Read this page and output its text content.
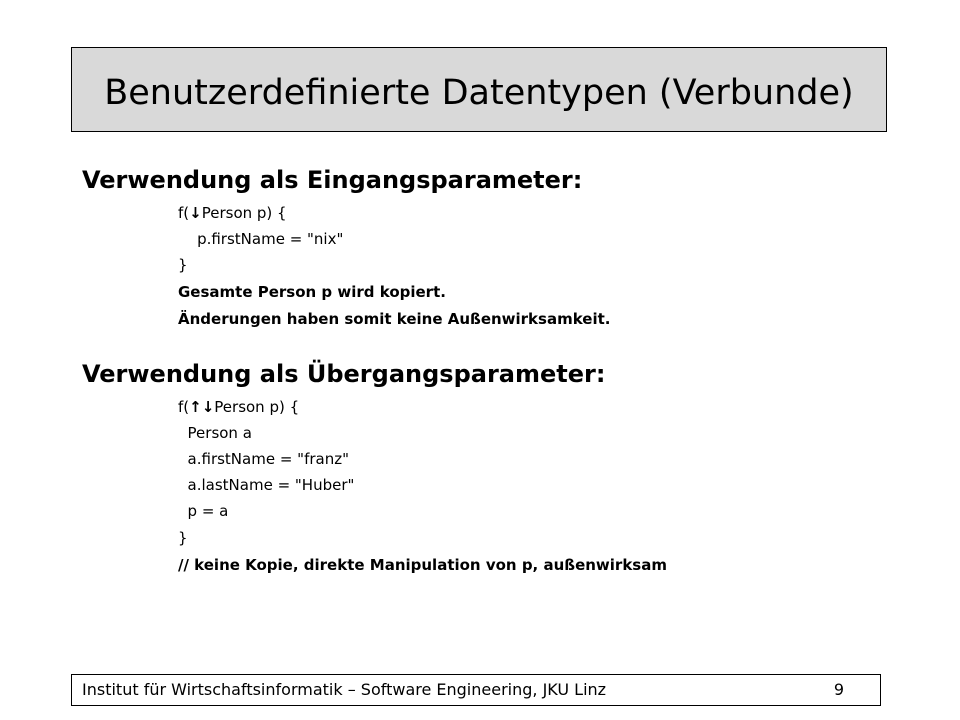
Benutzerdefinierte Datentypen (Verbunde)
Verwendung als Eingangsparameter:
f(↓Person p) {
p.firstName = "nix"
}
Gesamte Person p wird kopiert.
Änderungen haben somit keine Außenwirksamkeit.
Verwendung als Übergangsparameter:
f(↑↓Person p) {
Person a
a.firstName = "franz"
a.lastName = "Huber"
p = a
}
// keine Kopie, direkte Manipulation von p, außenwirksam
Institut für Wirtschaftsinformatik – Software Engineering, JKU Linz	9
